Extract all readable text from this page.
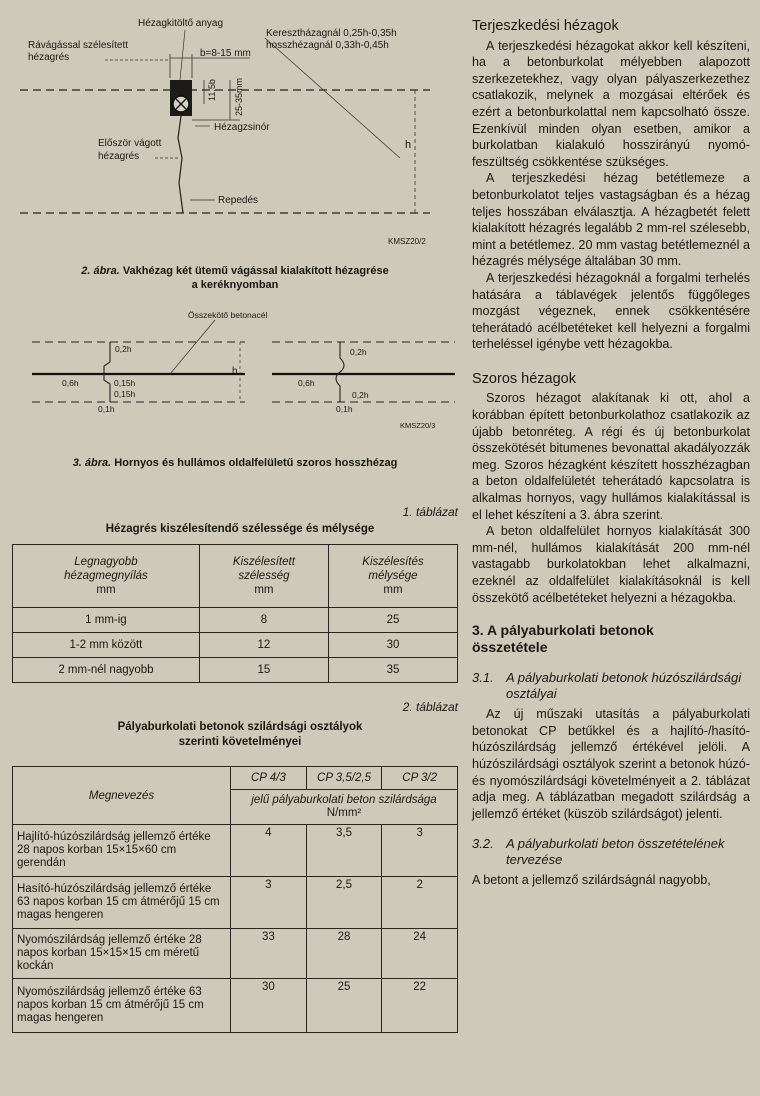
11,5b 25-35mm
h
Hézagkitöltő anyag
Rávágással szélesített
hézagrés
Keresztházagnál 0,25h-0,35h
hosszhézagnál 0,33h-0,45h
b=8-15 mm
Hézagzsinór
Először vágott
hézagrés
Repedés
KMSZ20/2
2. ábra. Vakhézag két ütemű vágással kialakított hézagrése
a keréknyomban
Összekötő betonacél
0,2h
0,15h
0,15h
0,6h
0,1h
h
0,2h
0,2h
0,6h
0,1h
KMSZ20/3
3. ábra. Hornyos és hullámos oldalfelületű szoros hosszhézag
1. táblázat
Hézagrés kiszélesítendő szélessége és mélysége
Legnagyobb
hézagmegnyílás
mm	Kiszélesített
szélesség
mm	Kiszélesítés
mélysége
mm
1 mm-ig	8	25
1-2 mm között	12	30
2 mm-nél nagyobb	15	35
2. táblázat
Pályaburkolati betonok szilárdsági osztályok
szerinti követelményei
Megnevezés	CP 4/3	CP 3,5/2,5	CP 3/2
	jelű pályaburkolati beton szilárdsága
N/mm²		
Hajlító-húzószilárdság jellemző értéke 28 napos korban 15×15×60 cm gerendán	4	3,5	3
Hasító-húzószilárdság jellemző értéke 63 napos korban 15 cm átmérőjű 15 cm magas hengeren	3	2,5	2
Nyomószilárdság jellemző értéke 28 napos korban 15×15×15 cm méretű kockán	33	28	24
Nyomószilárdság jellemző értéke 63 napos korban 15 cm átmérőjű 15 cm magas hengeren	30	25	22
Terjeszkedési hézagok

A terjeszkedési hézagokat akkor kell készíteni, ha a betonburkolat mélyebben alapozott szerkezetekhez, vagy olyan pályaszerkezethez csatlakozik, melynek a mozgásai eltérőek és ezért a betonburkolattal nem kapcsolható össze. Ezenkívül minden olyan esetben, amikor a burkolatban kialakuló hosszirányú nyomó-feszültség csökkentése szükséges.

A terjeszkedési hézag betétlemeze a betonburkolatot teljes vastagságban és a hézag teljes hosszában elválasztja. A hézagbetét felett kialakított hézagrés legalább 2 mm-rel szélesebb, mint a betétlemez. 20 mm vastag betétlemeznél a hézagrés mélysége általában 30 mm.

A terjeszkedési hézagoknál a forgalmi terhelés hatására a táblavégek jelentős függőleges mozgást végeznek, ennek csökkentésére teherátadó acélbetéteket kell helyezni a forgalmi terheléssel igénybe vett hézagokba.

Szoros hézagok

Szoros hézagot alakítanak ki ott, ahol a korábban épített betonburkolathoz csatlakozik az újabb betonréteg. A régi és új betonburkolat összekötését bitumenes bevonattal akadályozzák meg. Szoros hézagként készített hosszhézagban a beton oldalfelületét teherátadó kapcsolatra is alkalmas hornyos, vagy hullámos kialakítással is el lehet készíteni a 3. ábra szerint.

A beton oldalfelület hornyos kialakítását 300 mm-nél, hullámos kialakítását 200 mm-nél vastagabb burkolatokban lehet alkalmazni, ezeknél az oldalfelület kialakításoknál is kell összekötő acélbetéteket helyezni a hézagokba.

3. A pályaburkolati betonok összetétele
3.1. A pályaburkolati betonok húzószilárdsági osztályai

Az új műszaki utasítás a pályaburkolati betonokat CP betűkkel és a hajlító-/hasító-húzószilárdság jellemző értékével jelöli. A húzószilárdsági osztályok szerint a betonok húzó- és nyomószilárdsági követelményeit a 2. táblázat adja meg. A táblázatban megadott szilárdság a jellemző értéket (küszöb szilárdságot) jelenti.

3.2. A pályaburkolati beton összetételének tervezése

A betont a jellemző szilárdságnál nagyobb,
